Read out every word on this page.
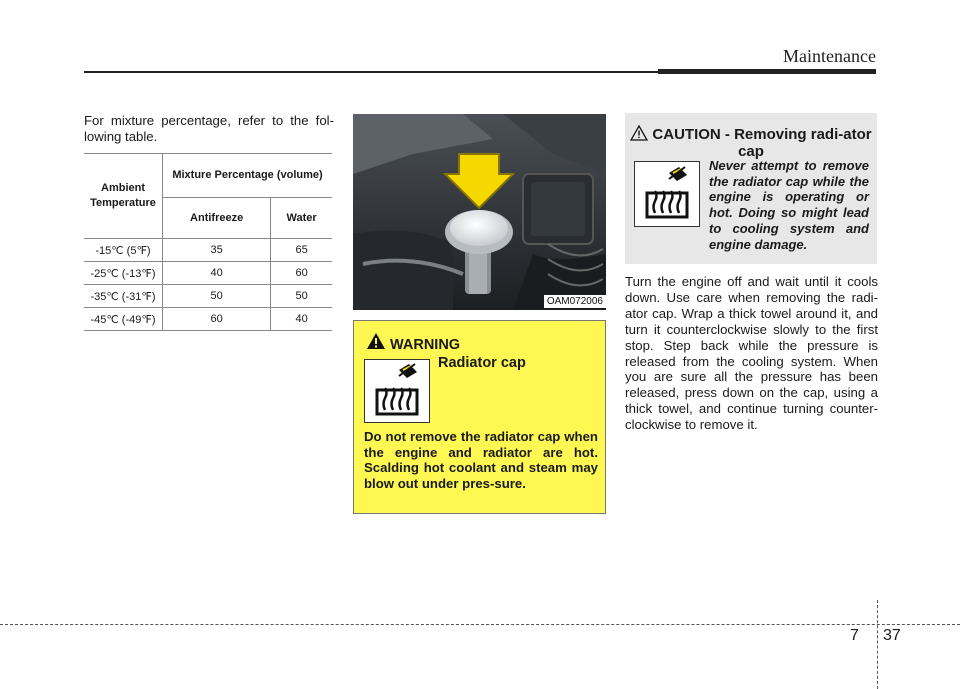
Maintenance
For mixture percentage, refer to the fol-lowing table.
Ambient Temperature	Mixture Percentage (volume)	
	Antifreeze	Water
-15℃ (5℉)	35	65
-25℃ (-13℉)	40	60
-35℃ (-31℉)	50	50
-45℃ (-49℉)	60	40
OAM072006
WARNING
Radiator cap
Do not remove the radiator cap when the engine and radiator are hot. Scalding hot coolant and steam may blow out under pres-sure.
CAUTION - Removing radi-ator cap
Never attempt to remove the radiator cap while the engine is operating or hot. Doing so might lead to cooling system and engine damage.
Turn the engine off and wait until it cools down. Use care when removing the radi-ator cap. Wrap a thick towel around it, and turn it counterclockwise slowly to the first stop. Step back while the pressure is released from the cooling system. When you are sure all the pressure has been released, press down on the cap, using a thick towel, and continue turning counter-clockwise to remove it.
7 37
